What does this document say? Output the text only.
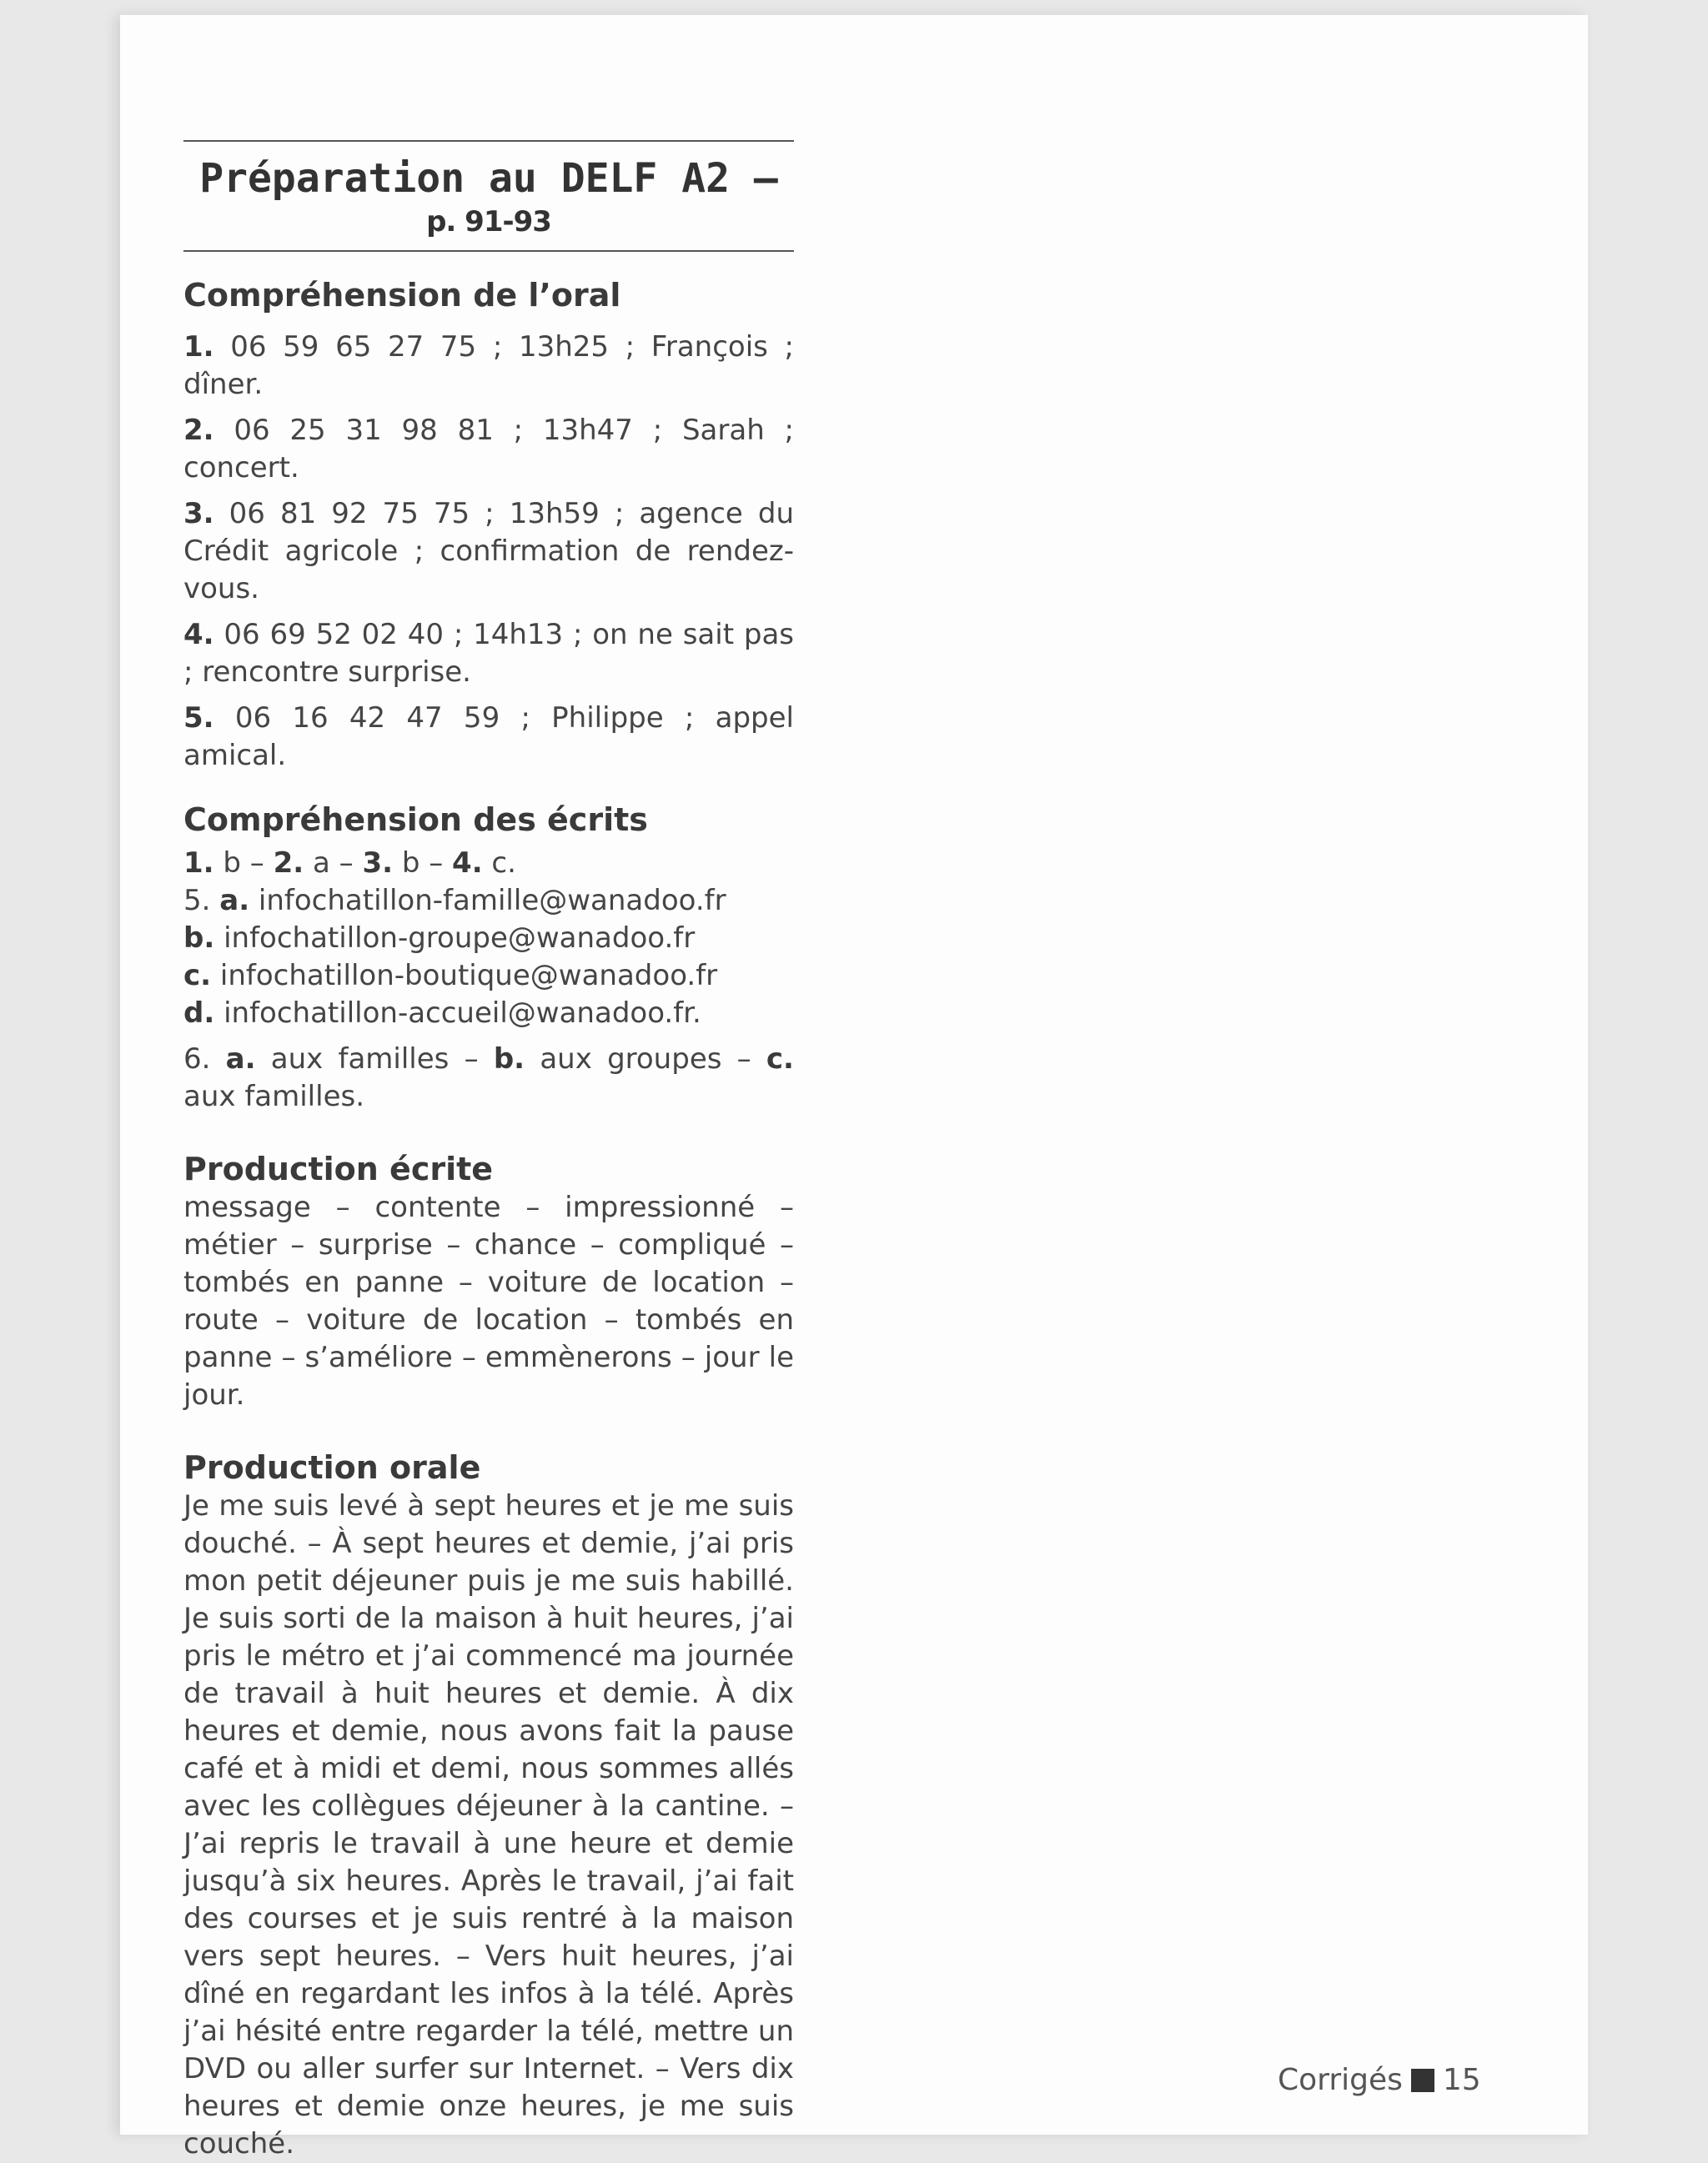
Préparation au DELF A2 –
p. 91-93
Compréhension de l’oral

1. 06 59 65 27 75 ; 13h25 ; François ; dîner.

2. 06 25 31 98 81 ; 13h47 ; Sarah ; concert.

3. 06 81 92 75 75 ; 13h59 ; agence du Crédit agricole ; confirmation de rendez-vous.

4. 06 69 52 02 40 ; 14h13 ; on ne sait pas ; rencontre surprise.

5. 06 16 42 47 59 ; Philippe ; appel amical.

Compréhension des écrits

1. b – 2. a – 3. b – 4. c.

5. a. infochatillon-famille@wanadoo.fr

b. infochatillon-groupe@wanadoo.fr

c. infochatillon-boutique@wanadoo.fr

d. infochatillon-accueil@wanadoo.fr.

6. a. aux familles – b. aux groupes – c. aux familles.

Production écrite

message – contente – impressionné – métier – surprise – chance – compliqué – tombés en panne – voiture de location – route – voiture de location – tombés en panne – s’améliore – emmènerons – jour le jour.

Production orale

Je me suis levé à sept heures et je me suis douché. – À sept heures et demie, j’ai pris mon petit déjeuner puis je me suis habillé. Je suis sorti de la maison à huit heures, j’ai pris le métro et j’ai commencé ma journée de travail à huit heures et demie. À dix heures et demie, nous avons fait la pause café et à midi et demi, nous sommes allés avec les collègues déjeuner à la cantine. – J’ai repris le travail à une heure et demie jusqu’à six heures. Après le travail, j’ai fait des courses et je suis rentré à la maison vers sept heures. – Vers huit heures, j’ai dîné en regardant les infos à la télé. Après j’ai hésité entre regarder la télé, mettre un DVD ou aller surfer sur Internet. – Vers dix heures et demie onze heures, je me suis couché.

Corrigés 15
